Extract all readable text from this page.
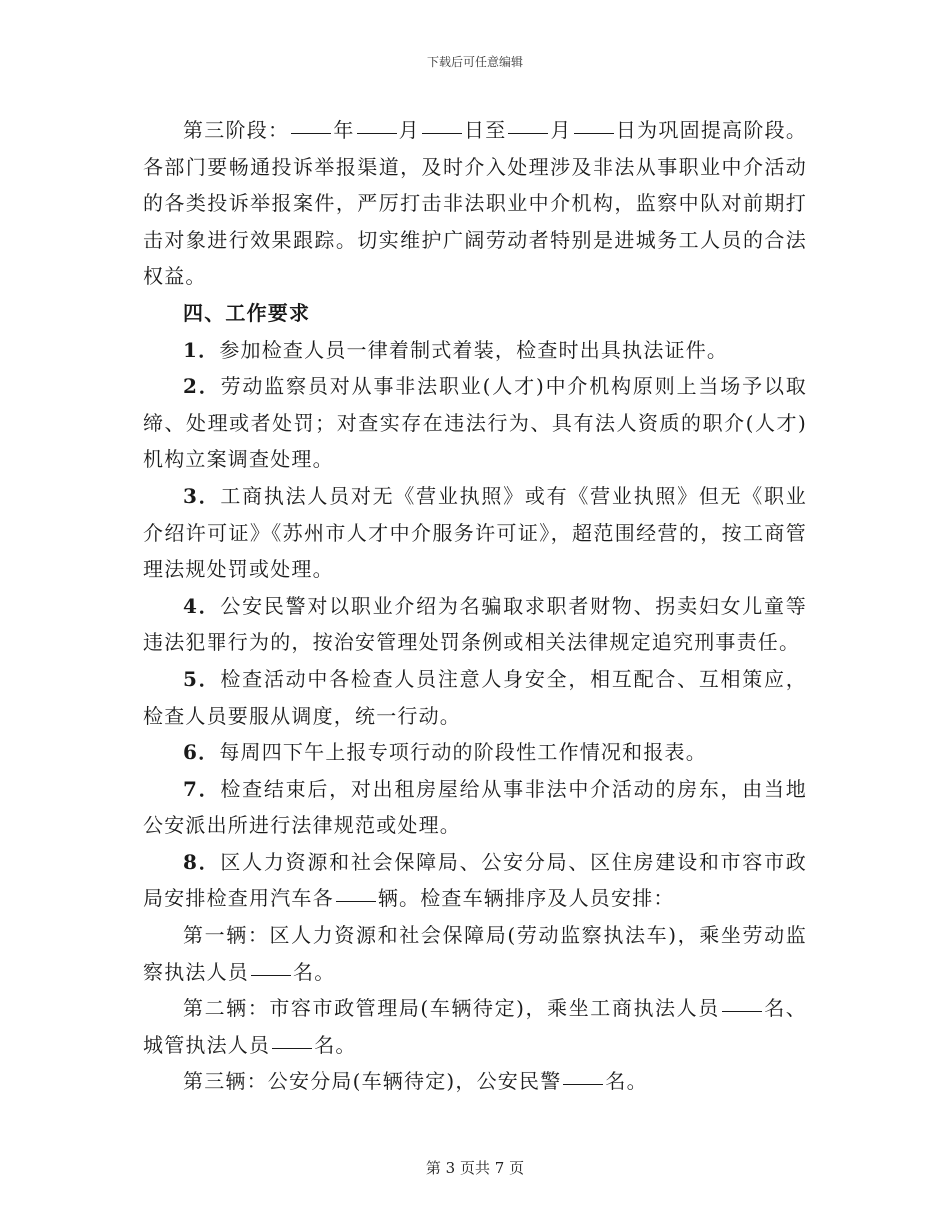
下载后可任意编辑

第三阶段： 年 月 日至 月 日为巩固提高阶段。各部门要畅通投诉举报渠道，及时介入处理涉及非法从事职业中介活动的各类投诉举报案件，严厉打击非法职业中介机构，监察中队对前期打击对象进行效果跟踪。切实维护广阔劳动者特别是进城务工人员的合法权益。

四、工作要求

1．参加检查人员一律着制式着装，检查时出具执法证件。

2．劳动监察员对从事非法职业(人才)中介机构原则上当场予以取缔、处理或者处罚；对查实存在违法行为、具有法人资质的职介(人才)机构立案调查处理。

3．工商执法人员对无《营业执照》或有《营业执照》但无《职业介绍许可证》《苏州市人才中介服务许可证》，超范围经营的，按工商管理法规处罚或处理。

4．公安民警对以职业介绍为名骗取求职者财物、拐卖妇女儿童等违法犯罪行为的，按治安管理处罚条例或相关法律规定追究刑事责任。

5．检查活动中各检查人员注意人身安全，相互配合、互相策应，检查人员要服从调度，统一行动。

6．每周四下午上报专项行动的阶段性工作情况和报表。

7．检查结束后，对出租房屋给从事非法中介活动的房东，由当地公安派出所进行法律规范或处理。

8．区人力资源和社会保障局、公安分局、区住房建设和市容市政局安排检查用汽车各 辆。检查车辆排序及人员安排：

第一辆：区人力资源和社会保障局(劳动监察执法车)，乘坐劳动监察执法人员 名。

第二辆：市容市政管理局(车辆待定)，乘坐工商执法人员 名、城管执法人员 名。

第三辆：公安分局(车辆待定)，公安民警 名。

第 3 页共 7 页
